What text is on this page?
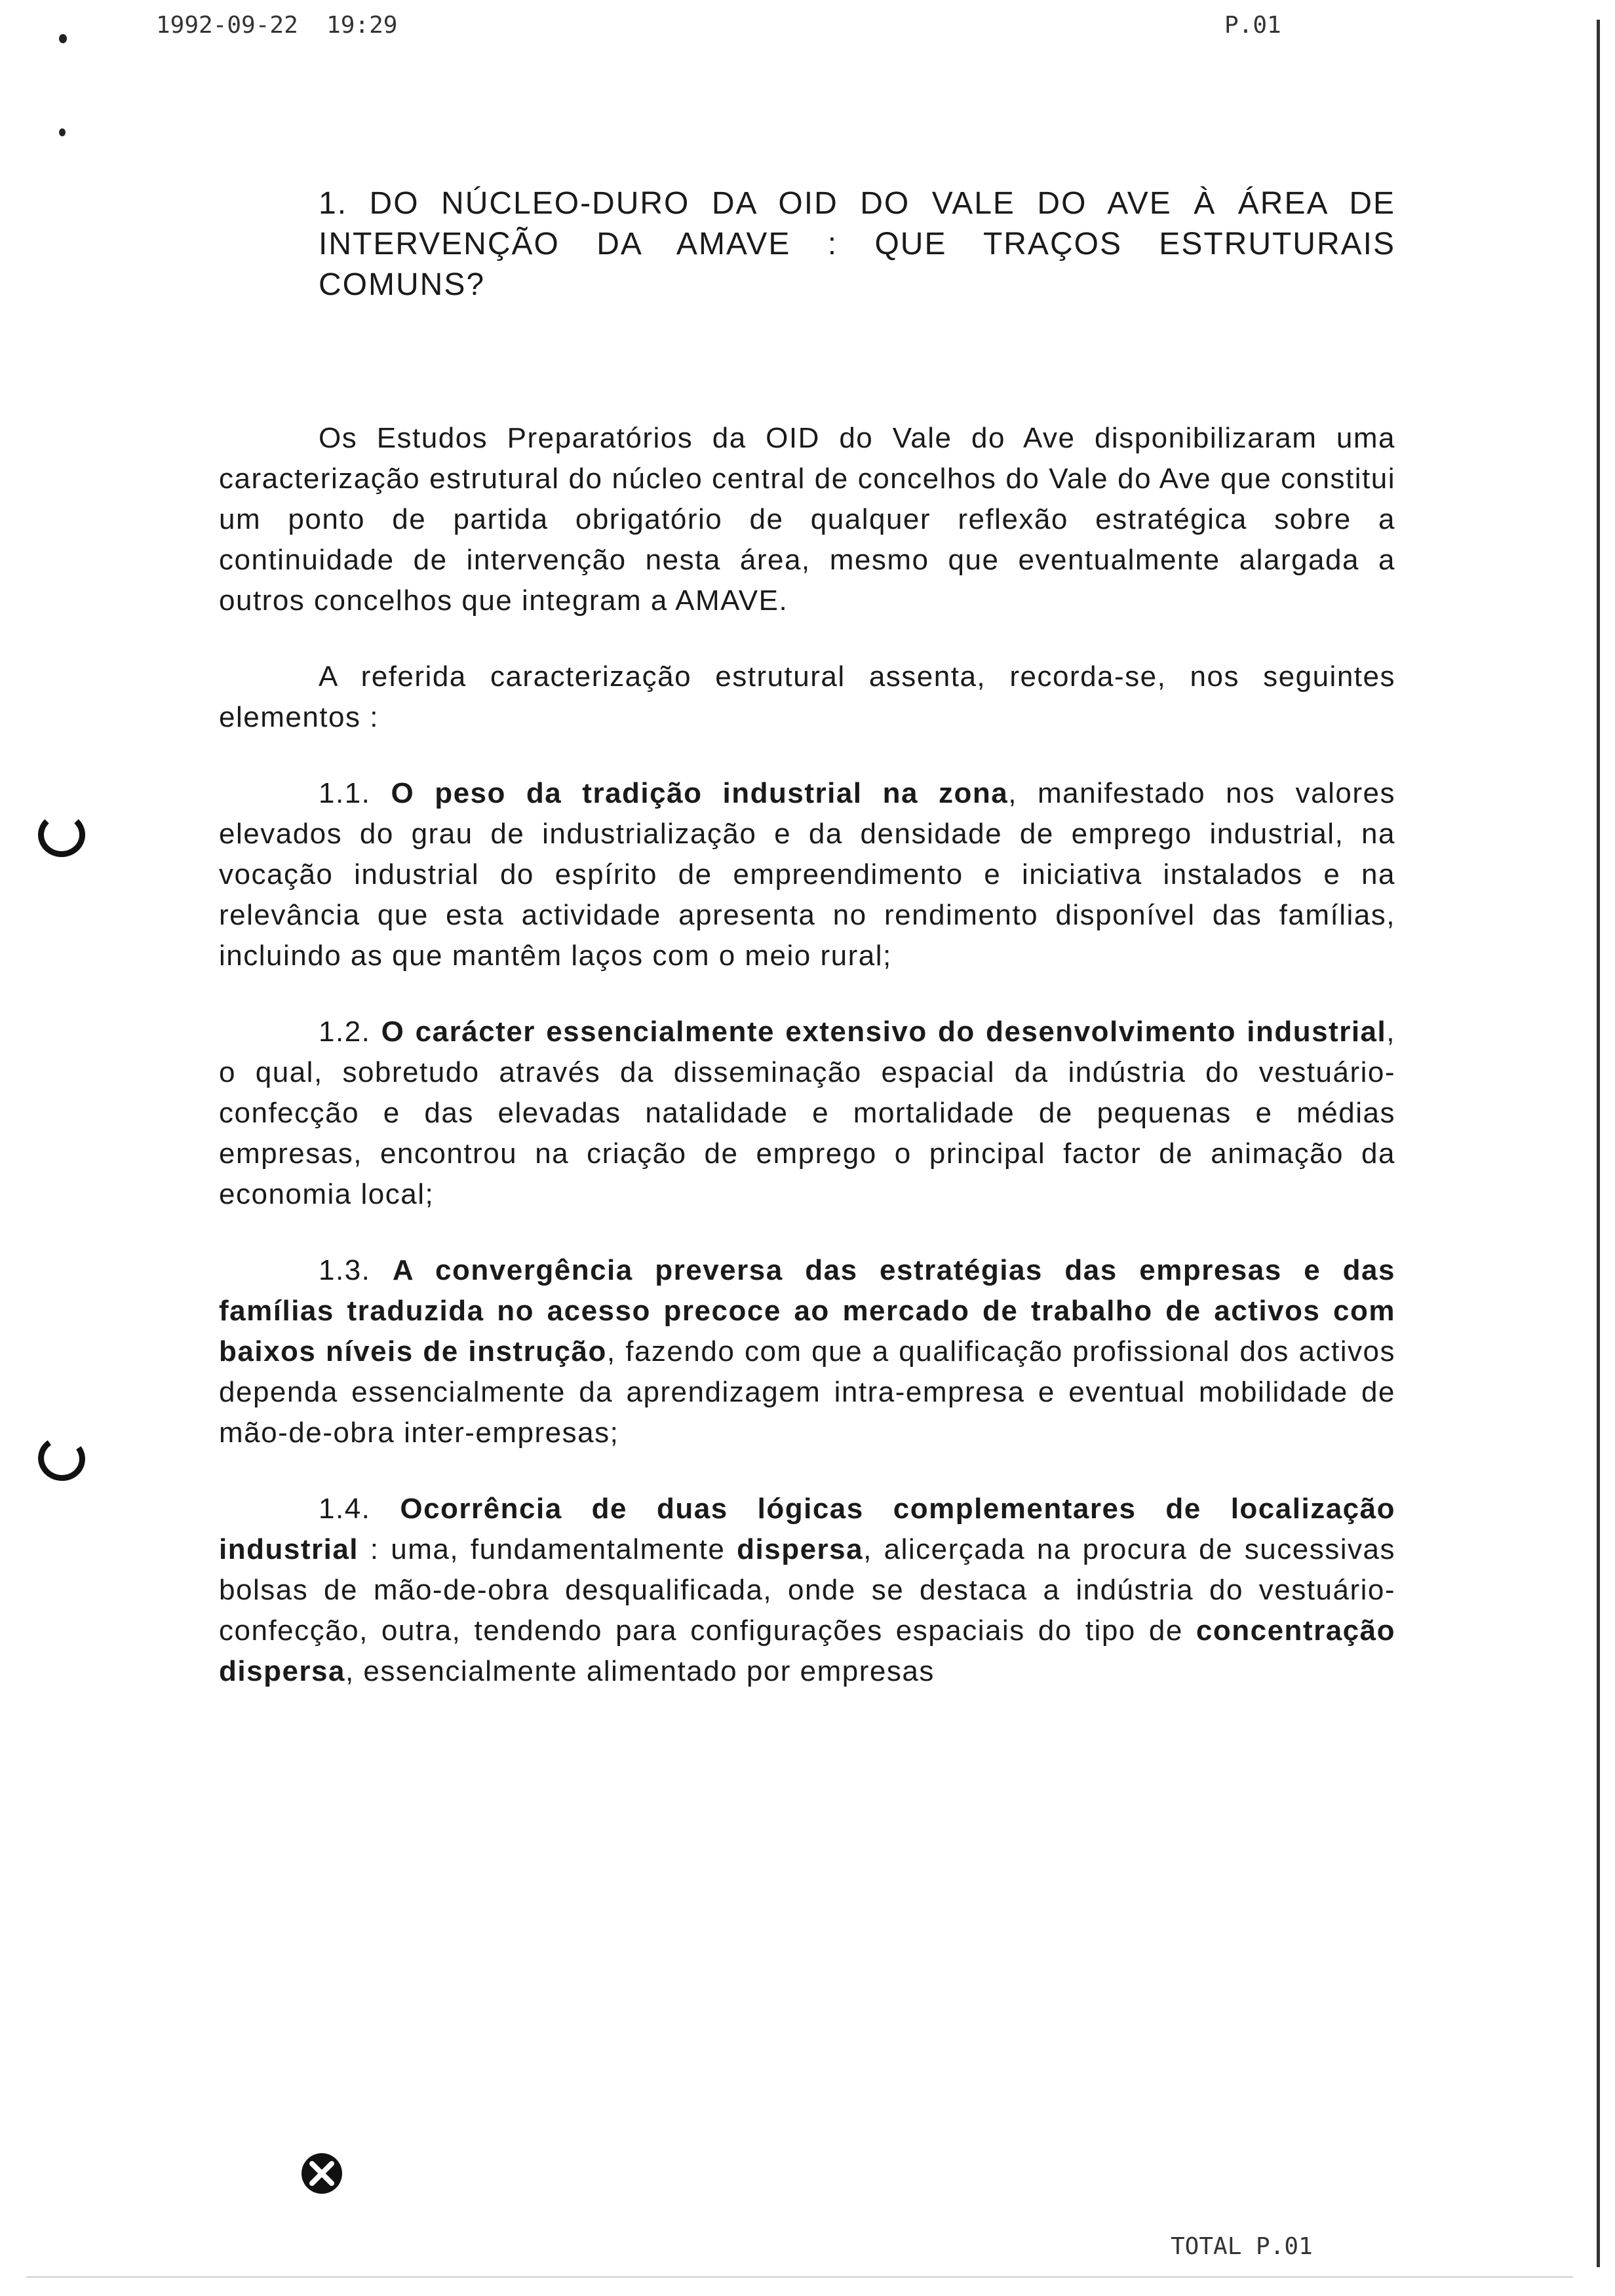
1992-09-22  19:29	P.01
1. DO NÚCLEO-DURO DA OID DO VALE DO AVE À ÁREA DE INTERVENÇÃO DA AMAVE : QUE TRAÇOS ESTRUTURAIS COMUNS?

Os Estudos Preparatórios da OID do Vale do Ave disponibilizaram uma caracterização estrutural do núcleo central de concelhos do Vale do Ave que constitui um ponto de partida obrigatório de qualquer reflexão estratégica sobre a continuidade de intervenção nesta área, mesmo que eventualmente alargada a outros concelhos que integram a AMAVE.

A referida caracterização estrutural assenta, recorda-se, nos seguintes elementos :

1.1. O peso da tradição industrial na zona, manifestado nos valores elevados do grau de industrialização e da densidade de emprego industrial, na vocação industrial do espírito de empreendimento e iniciativa instalados e na relevância que esta actividade apresenta no rendimento disponível das famílias, incluindo as que mantêm laços com o meio rural;

1.2. O carácter essencialmente extensivo do desenvolvimento industrial, o qual, sobretudo através da disseminação espacial da indústria do vestuário-confecção e das elevadas natalidade e mortalidade de pequenas e médias empresas, encontrou na criação de emprego o principal factor de animação da economia local;

1.3. A convergência preversa das estratégias das empresas e das famílias traduzida no acesso precoce ao mercado de trabalho de activos com baixos níveis de instrução, fazendo com que a qualificação profissional dos activos dependa essencialmente da aprendizagem intra-empresa e eventual mobilidade de mão-de-obra inter-empresas;

1.4. Ocorrência de duas lógicas complementares de localização industrial : uma, fundamentalmente dispersa, alicerçada na procura de sucessivas bolsas de mão-de-obra desqualificada, onde se destaca a indústria do vestuário-confecção, outra, tendendo para configurações espaciais do tipo de concentração dispersa, essencialmente alimentado por empresas

TOTAL P.01
